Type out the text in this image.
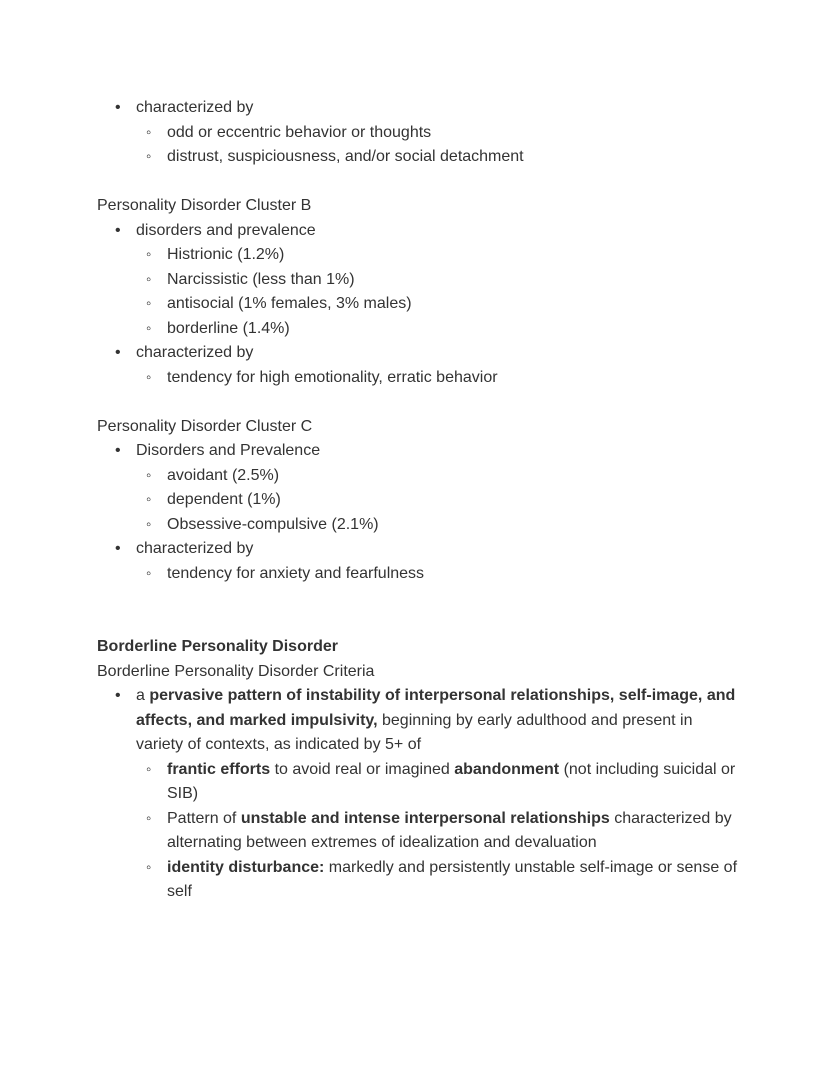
• characterized by
◦ odd or eccentric behavior or thoughts
◦ distrust, suspiciousness, and/or social detachment
Personality Disorder Cluster B
• disorders and prevalence
◦ Histrionic (1.2%)
◦ Narcissistic (less than 1%)
◦ antisocial (1% females, 3% males)
◦ borderline (1.4%)
• characterized by
◦ tendency for high emotionality, erratic behavior
Personality Disorder Cluster C
• Disorders and Prevalence
◦ avoidant (2.5%)
◦ dependent (1%)
◦ Obsessive-compulsive (2.1%)
• characterized by
◦ tendency for anxiety and fearfulness
Borderline Personality Disorder
Borderline Personality Disorder Criteria
• a pervasive pattern of instability of interpersonal relationships, self-image, and affects, and marked impulsivity, beginning by early adulthood and present in variety of contexts, as indicated by 5+ of
◦ frantic efforts to avoid real or imagined abandonment (not including suicidal or SIB)
◦ Pattern of unstable and intense interpersonal relationships characterized by alternating between extremes of idealization and devaluation
◦ identity disturbance: markedly and persistently unstable self-image or sense of self
